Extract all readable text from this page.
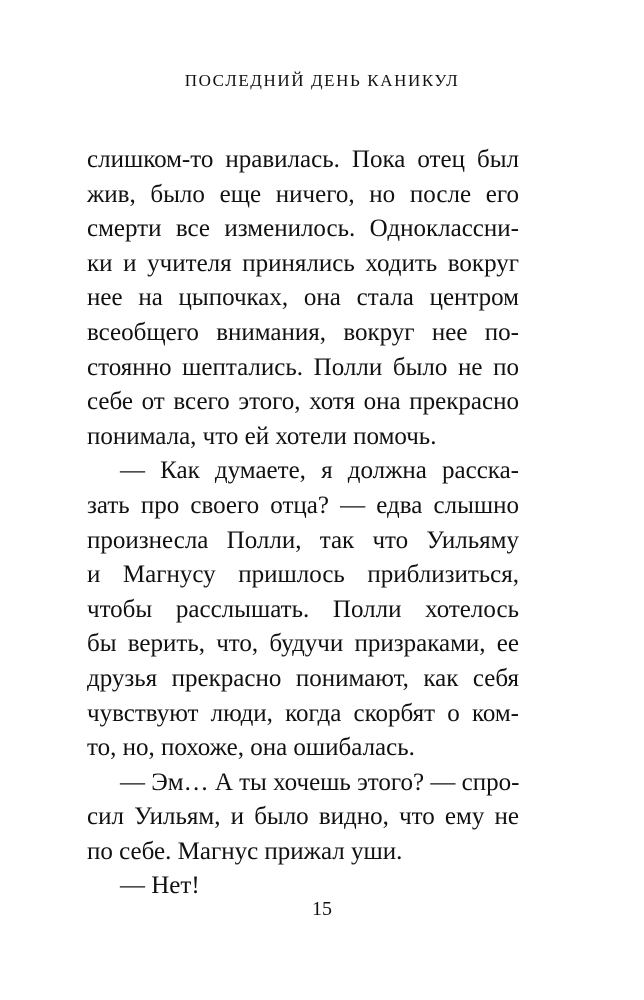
ПОСЛЕДНИЙ ДЕНЬ КАНИКУЛ
слишком-то нравилась. Пока отец был
жив, было еще ничего, но после его
смерти все изменилось. Одноклассни-
ки и учителя принялись ходить вокруг
нее на цыпочках, она стала центром
всеобщего внимания, вокруг нее по-
стоянно шептались. Полли было не по
себе от всего этого, хотя она прекрасно
понимала, что ей хотели помочь.
— Как думаете, я должна расска-
зать про своего отца? — едва слышно
произнесла Полли, так что Уильяму
и Магнусу пришлось приблизиться,
чтобы расслышать. Полли хотелось
бы верить, что, будучи призраками, ее
друзья прекрасно понимают, как себя
чувствуют люди, когда скорбят о ком-
то, но, похоже, она ошибалась.
— Эм… А ты хочешь этого? — спро-
сил Уильям, и было видно, что ему не
по себе. Магнус прижал уши.
— Нет!
15
